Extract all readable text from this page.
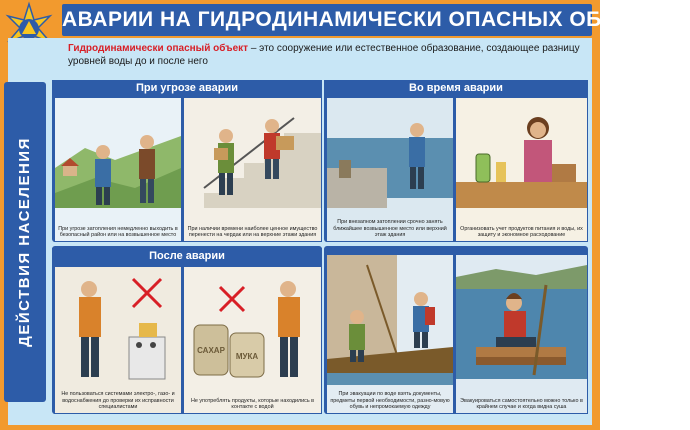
АВАРИИ НА ГИДРОДИНАМИЧЕСКИ ОПАСНЫХ ОБЪЕКТАХ
Гидродинамически опасный объект – это сооружение или естественное образование, создающее разницу уровней воды до и после него
ДЕЙСТВИЯ НАСЕЛЕНИЯ
При угрозе аварии
При угрозе затопления немедленно выходить в безопасный район или на возвышенное место
При наличии времени наиболее ценное имущество перенести на чердак или на верхние этажи здания
Во время аварии
При внезапном затоплении срочно занять ближайшее возвышенное место или верхний этаж здания
Организовать учет продуктов питания и воды, их защиту и экономное расходование
После аварии
Не пользоваться системами электро-, газо- и водоснабжения до проверки их исправности специалистами
САХАР
МУКА
Не употреблять продукты, которые находились в контакте с водой
При эвакуации по воде взять документы, предметы первой необходимости, разно-мовую обувь и непромокаемую одежду
Эвакуироваться самостоятельно можно только в крайнем случае и когда видна суша
